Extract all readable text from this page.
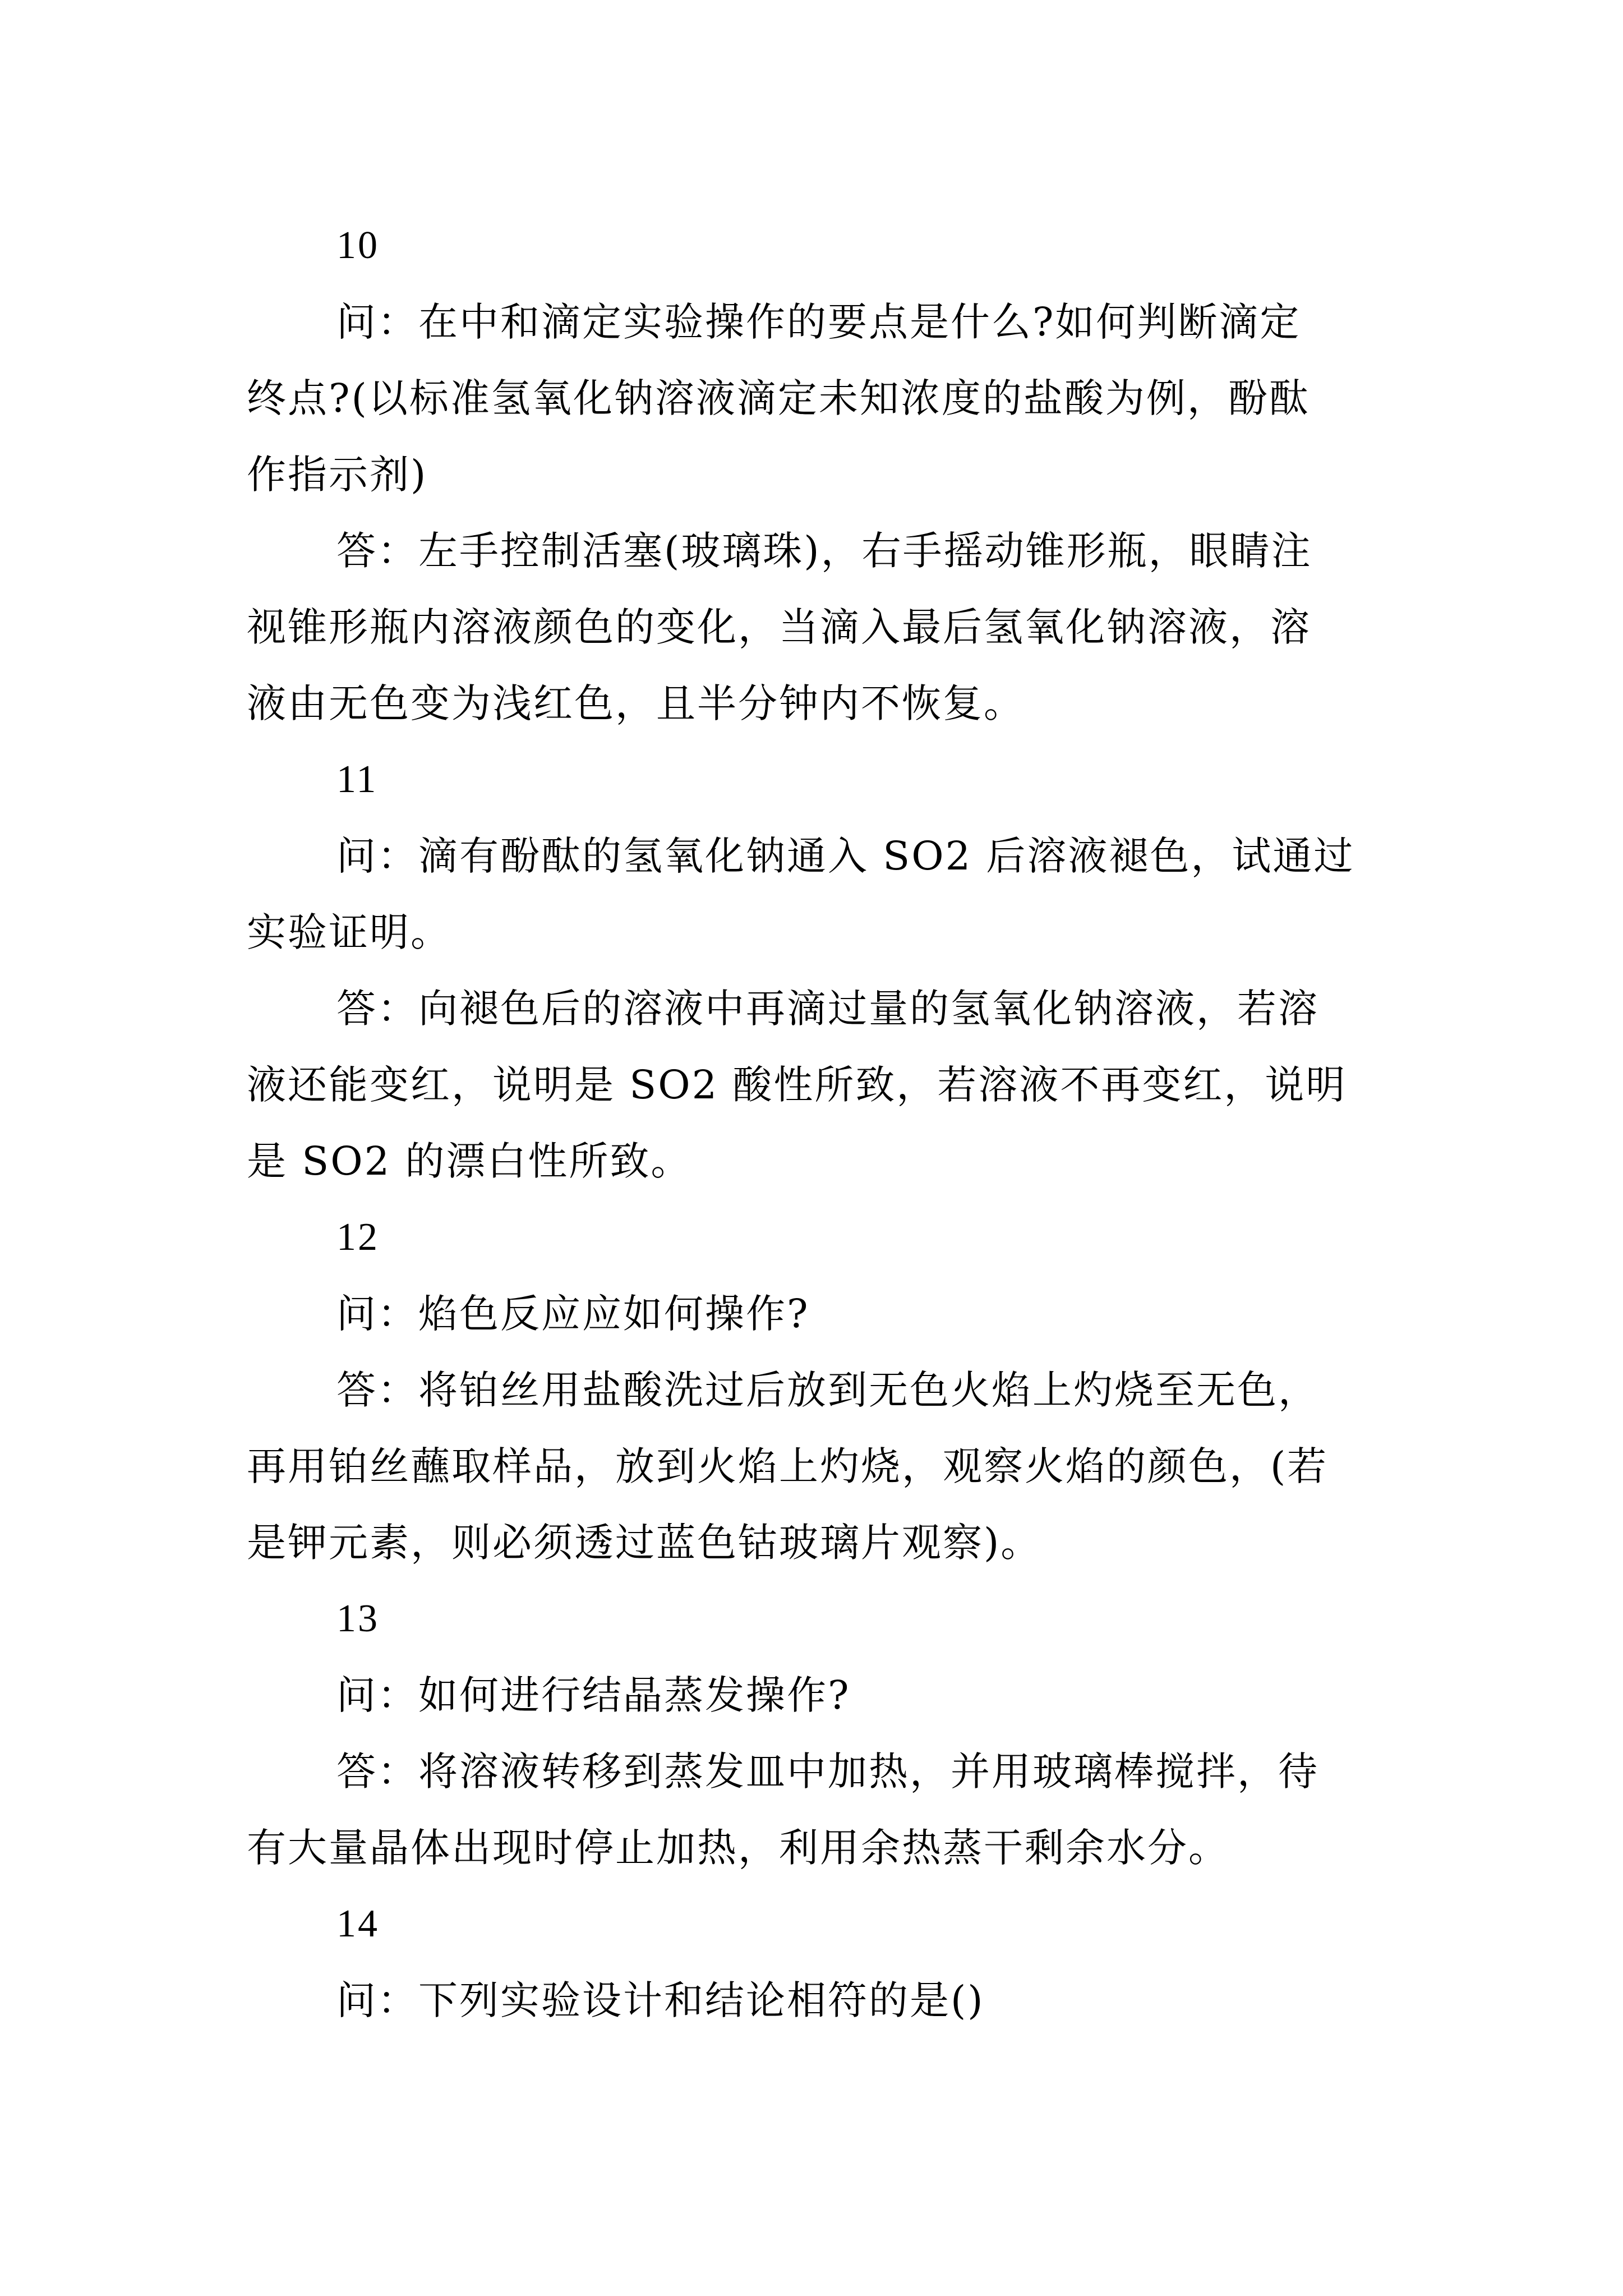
10
问：在中和滴定实验操作的要点是什么?如何判断滴定
终点?(以标准氢氧化钠溶液滴定未知浓度的盐酸为例，酚酞
作指示剂)
答：左手控制活塞(玻璃珠)，右手摇动锥形瓶，眼睛注
视锥形瓶内溶液颜色的变化，当滴入最后氢氧化钠溶液，溶
液由无色变为浅红色，且半分钟内不恢复。
11
问：滴有酚酞的氢氧化钠通入 SO2 后溶液褪色，试通过
实验证明。
答：向褪色后的溶液中再滴过量的氢氧化钠溶液，若溶
液还能变红，说明是 SO2 酸性所致，若溶液不再变红，说明
是 SO2 的漂白性所致。
12
问：焰色反应应如何操作?
答：将铂丝用盐酸洗过后放到无色火焰上灼烧至无色，
再用铂丝蘸取样品，放到火焰上灼烧，观察火焰的颜色，(若
是钾元素，则必须透过蓝色钴玻璃片观察)。
13
问：如何进行结晶蒸发操作?
答：将溶液转移到蒸发皿中加热，并用玻璃棒搅拌，待
有大量晶体出现时停止加热，利用余热蒸干剩余水分。
14
问：下列实验设计和结论相符的是()
